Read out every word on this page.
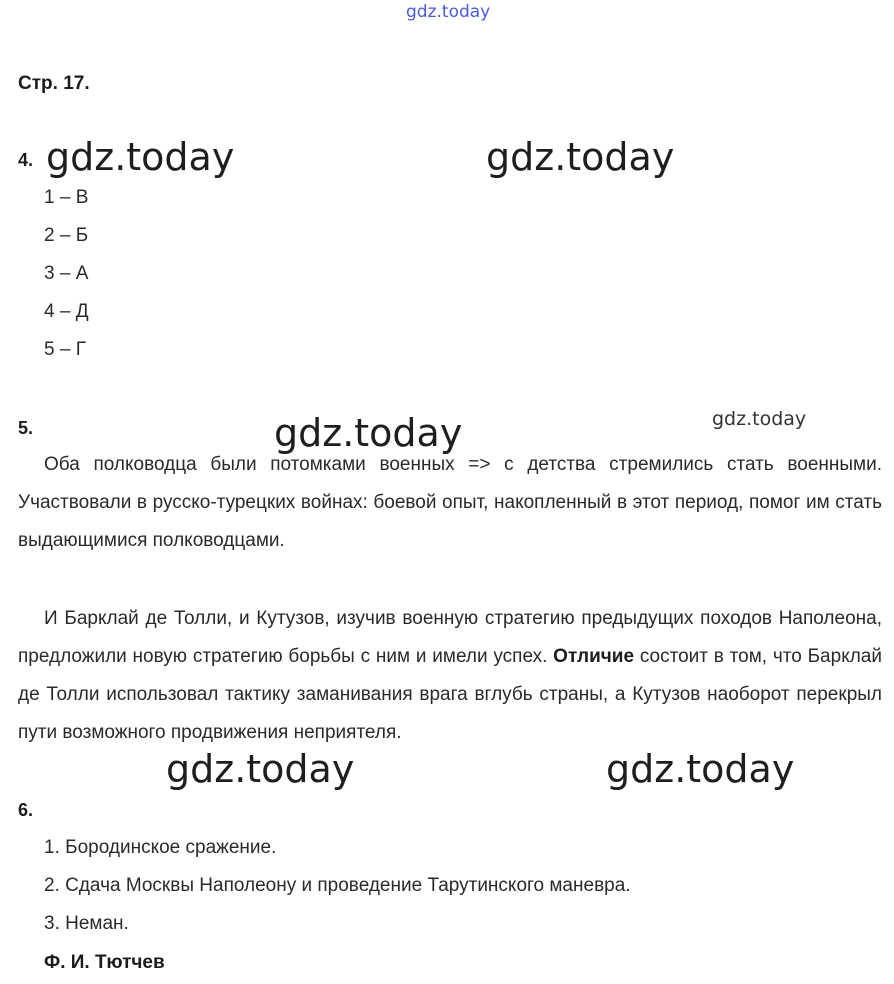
gdz.today
Стр. 17.
4. gdz.today	gdz.today
1 – В
2 – Б
3 – А
4 – Д
5 – Г
5.	gdz.today	gdz.today

Оба полководца были потомками военных => с детства стремились стать военными. Участвовали в русско-турецких войнах: боевой опыт, накопленный в этот период, помог им стать выдающимися полководцами.

И Барклай де Толли, и Кутузов, изучив военную стратегию предыдущих походов Наполеона, предложили новую стратегию борьбы с ним и имели успех. Отличие состоит в том, что Барклай де Толли использовал тактику заманивания врага вглубь страны, а Кутузов наоборот перекрыл пути возможного продвижения неприятеля.

gdz.today	gdz.today
6.
1. Бородинское сражение.
2. Сдача Москвы Наполеону и проведение Тарутинского маневра.
3. Неман.
Ф. И. Тютчев
